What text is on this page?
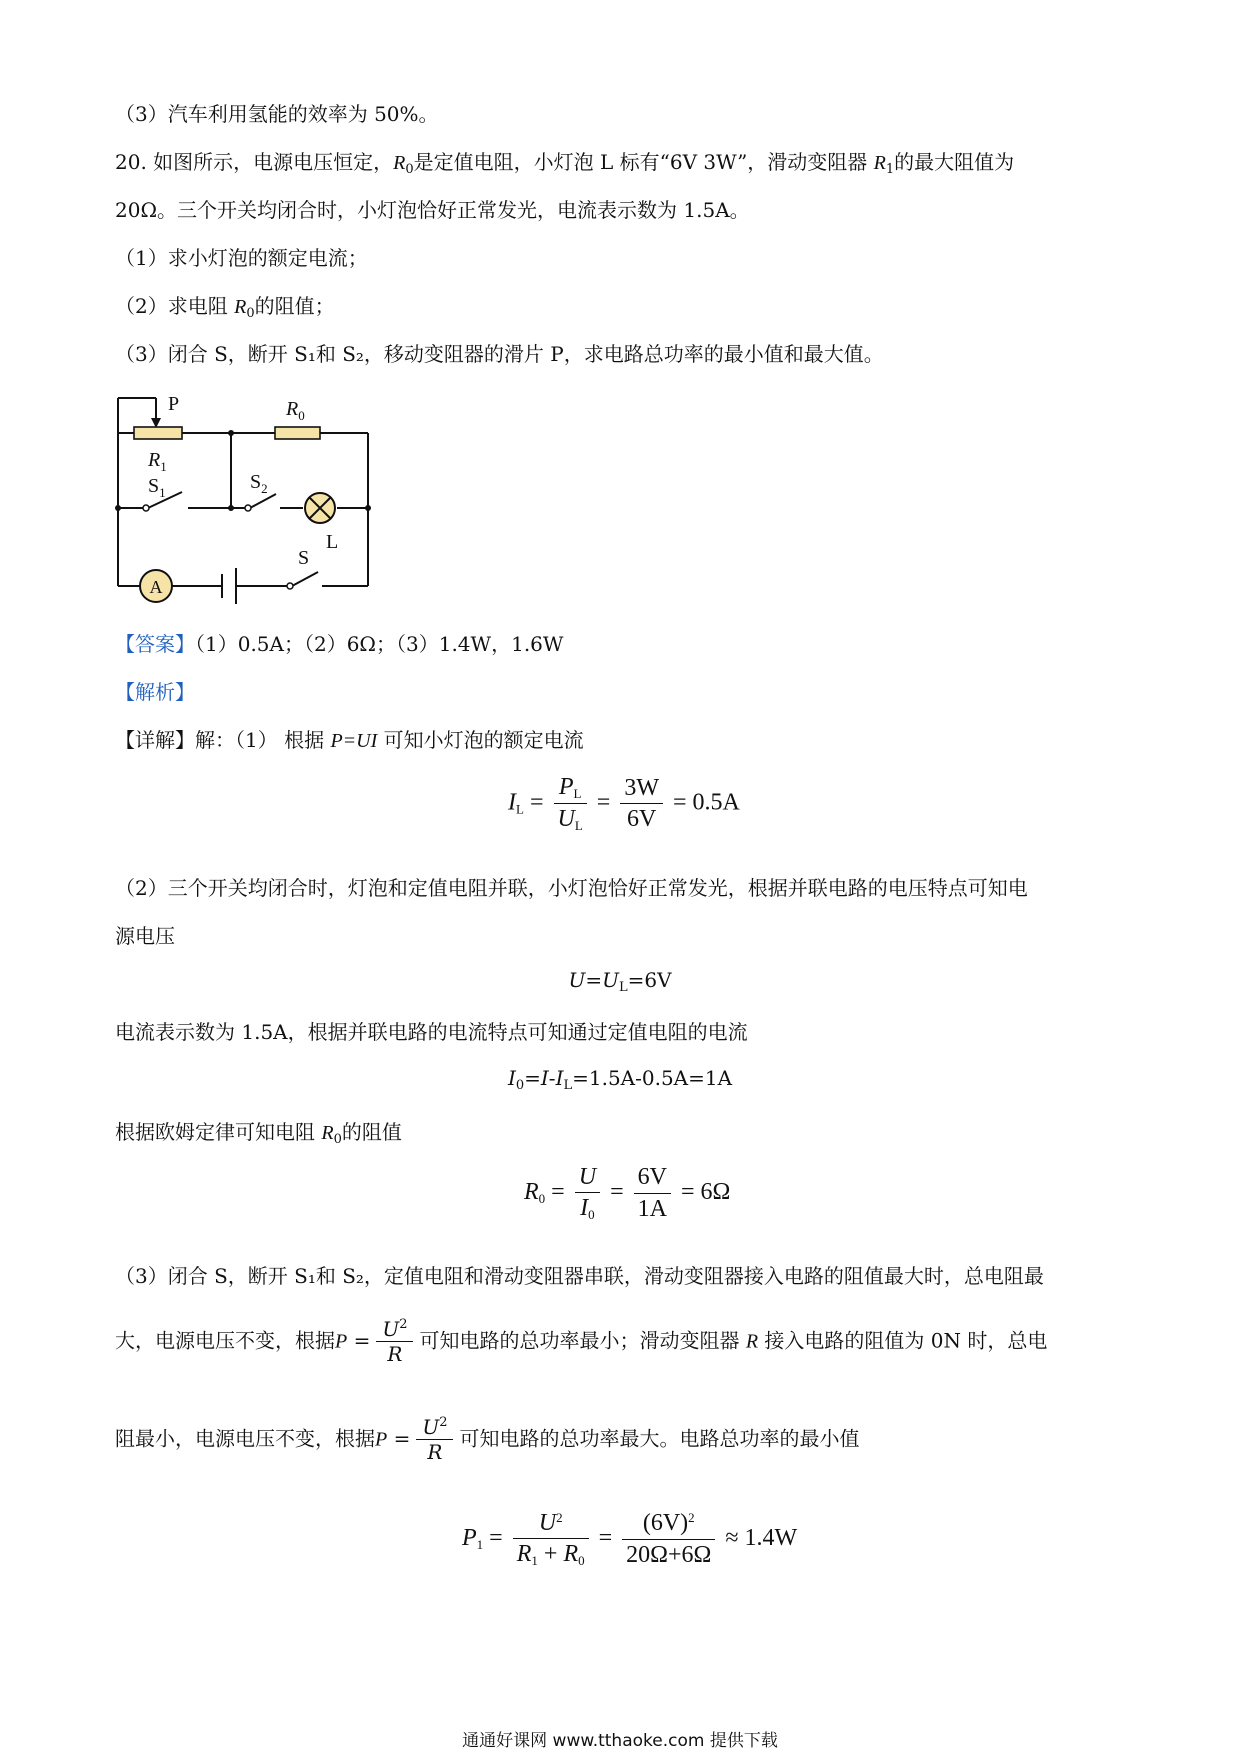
（3）汽车利用氢能的效率为 50%。
20. 如图所示，电源电压恒定，$R_0$是定值电阻，小灯泡 L 标有“6V 3W”，滑动变阻器 $R_1$的最大阻值为
20Ω。三个开关均闭合时，小灯泡恰好正常发光，电流表示数为 1.5A。
（1）求小灯泡的额定电流；
（2）求电阻 $R_0$的阻值；
（3）闭合 S，断开 S₁和 S₂，移动变阻器的滑片 P，求电路总功率的最小值和最大值。
A
P
$R_1$
$R_0$
$S_1$	$S_2$
S
L
【答案】（1）0.5A；（2）6Ω；（3）1.4W，1.6W
【解析】
【详解】解：（1） 根据 P=UI 可知小灯泡的额定电流
$I_L = \frac{P_L}{U_L} = \frac{3W}{6V} = 0.5A$
（2）三个开关均闭合时，灯泡和定值电阻并联，小灯泡恰好正常发光，根据并联电路的电压特点可知电
源电压
$U=U_L=6V$
电流表示数为 1.5A，根据并联电路的电流特点可知通过定值电阻的电流
$I_0=I-I_L=1.5A-0.5A=1A$
根据欧姆定律可知电阻 $R_0$的阻值
$R_0 = \frac{U}{I_0} = \frac{6V}{1A} = 6\Omega$
（3）闭合 S，断开 S₁和 S₂，定值电阻和滑动变阻器串联，滑动变阻器接入电路的阻值最大时，总电阻最
大，电源电压不变，根据$P = \frac{U^2}{R}$ 可知电路的总功率最小；滑动变阻器 R 接入电路的阻值为 0N 时，总电
阻最小，电源电压不变，根据$P = \frac{U^2}{R}$ 可知电路的总功率最大。电路总功率的最小值
$P_1 = \frac{U^2}{R_1 + R_0} = \frac{(6V)^2}{20\Omega+6\Omega} \approx 1.4W$
通通好课网 www.tthaoke.com 提供下载
